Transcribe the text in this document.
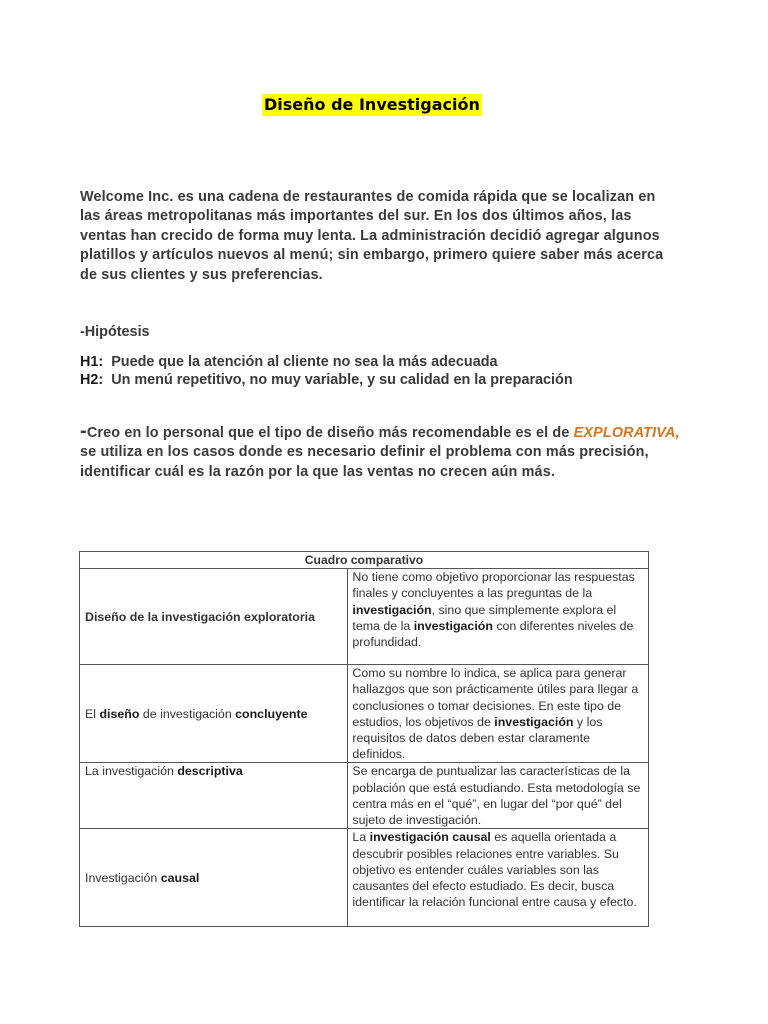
Diseño de Investigación
Welcome Inc. es una cadena de restaurantes de comida rápida que se localizan en las áreas metropolitanas más importantes del sur. En los dos últimos años, las ventas han crecido de forma muy lenta. La administración decidió agregar algunos platillos y artículos nuevos al menú; sin embargo, primero quiere saber más acerca de sus clientes y sus preferencias.
-Hipótesis
H1: Puede que la atención al cliente no sea la más adecuada
H2: Un menú repetitivo, no muy variable, y su calidad en la preparación
-Creo en lo personal que el tipo de diseño más recomendable es el de EXPLORATIVA, se utiliza en los casos donde es necesario definir el problema con más precisión, identificar cuál es la razón por la que las ventas no crecen aún más.
Cuadro comparativo	
Diseño de la investigación exploratoria	No tiene como objetivo proporcionar las respuestas finales y concluyentes a las preguntas de la investigación, sino que simplemente explora el tema de la investigación con diferentes niveles de profundidad.
El diseño de investigación concluyente	Como su nombre lo indica, se aplica para generar hallazgos que son prácticamente útiles para llegar a conclusiones o tomar decisiones. En este tipo de estudios, los objetivos de investigación y los requisitos de datos deben estar claramente definidos.
La investigación descriptiva	Se encarga de puntualizar las características de la población que está estudiando. Esta metodología se centra más en el “qué”, en lugar del “por qué” del sujeto de investigación.
Investigación causal	La investigación causal es aquella orientada a descubrir posibles relaciones entre variables. Su objetivo es entender cuáles variables son las causantes del efecto estudiado. Es decir, busca identificar la relación funcional entre causa y efecto.
